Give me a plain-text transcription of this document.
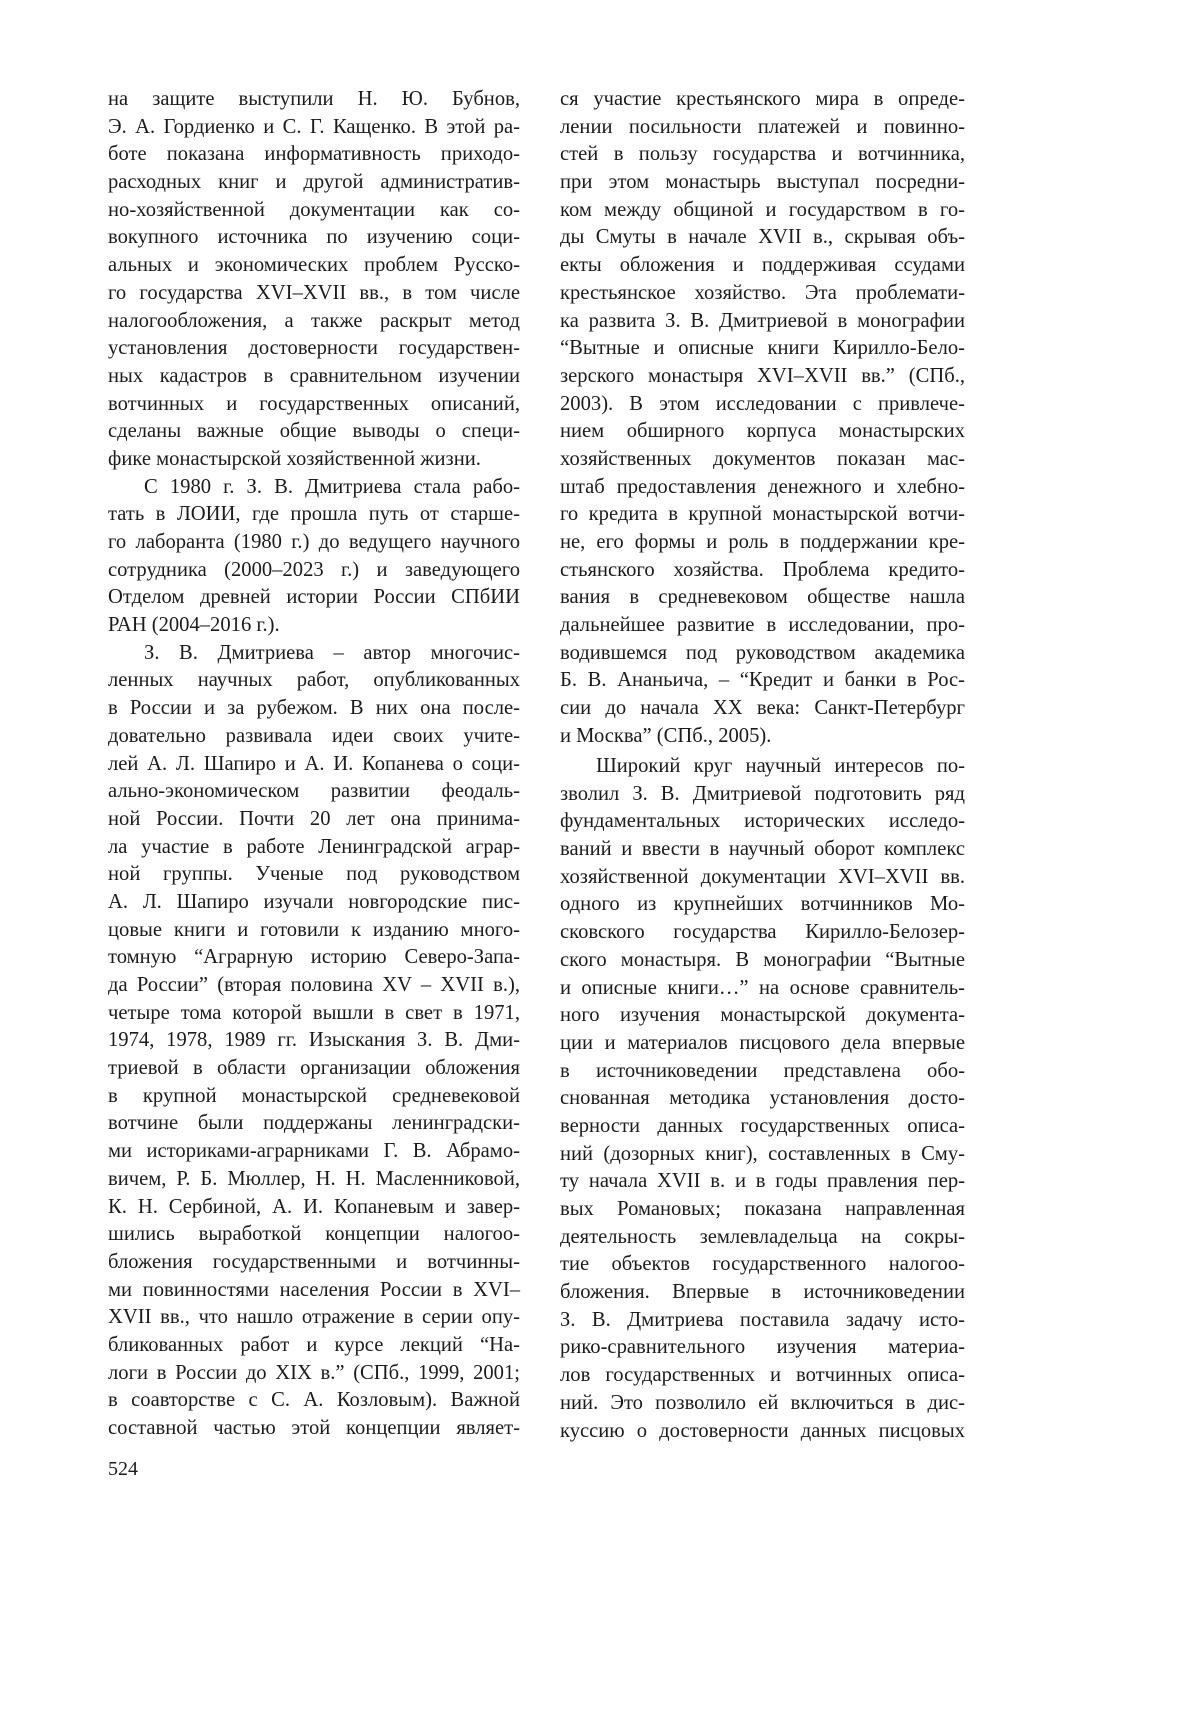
на защите выступили Н. Ю. Бубнов,
Э. А. Гордиенко и С. Г. Кащенко. В этой ра-
боте показана информативность приходо-
расходных книг и другой административ-
но-хозяйственной документации как со-
вокупного источника по изучению соци-
альных и экономических проблем Русско-
го государства XVI–XVII вв., в том числе
налогообложения, а также раскрыт метод
установления достоверности государствен-
ных кадастров в сравнительном изучении
вотчинных и государственных описаний,
сделаны важные общие выводы о специ-
фике монастырской хозяйственной жизни.
С 1980 г. З. В. Дмитриева стала рабо-
тать в ЛОИИ, где прошла путь от старше-
го лаборанта (1980 г.) до ведущего научного
сотрудника (2000–2023 г.) и заведующего
Отделом древней истории России СПбИИ
РАН (2004–2016 г.).
З. В. Дмитриева – автор многочис-
ленных научных работ, опубликованных
в России и за рубежом. В них она после-
довательно развивала идеи своих учите-
лей А. Л. Шапиро и А. И. Копанева о соци-
ально-экономическом развитии феодаль-
ной России. Почти 20 лет она принима-
ла участие в работе Ленинградской аграр-
ной группы. Ученые под руководством
А. Л. Шапиро изучали новгородские пис-
цовые книги и готовили к изданию много-
томную “Аграрную историю Северо-Запа-
да России” (вторая половина XV – XVII в.),
четыре тома которой вышли в свет в 1971,
1974, 1978, 1989 гг. Изыскания З. В. Дми-
триевой в области организации обложения
в крупной монастырской средневековой
вотчине были поддержаны ленинградски-
ми историками-аграрниками Г. В. Абрамо-
вичем, Р. Б. Мюллер, Н. Н. Масленниковой,
К. Н. Сербиной, А. И. Копаневым и завер-
шились выработкой концепции налогоо-
бложения государственными и вотчинны-
ми повинностями населения России в XVI–
XVII вв., что нашло отражение в серии опу-
бликованных работ и курсе лекций “На-
логи в России до XIX в.” (СПб., 1999, 2001;
в соавторстве с С. А. Козловым). Важной
составной частью этой концепции являет-
ся участие крестьянского мира в опреде-
лении посильности платежей и повинно-
стей в пользу государства и вотчинника,
при этом монастырь выступал посредни-
ком между общиной и государством в го-
ды Смуты в начале XVII в., скрывая объ-
екты обложения и поддерживая ссудами
крестьянское хозяйство. Эта проблемати-
ка развита З. В. Дмитриевой в монографии
“Вытные и описные книги Кирилло-Бело-
зерского монастыря XVI–XVII вв.” (СПб.,
2003). В этом исследовании с привлече-
нием обширного корпуса монастырских
хозяйственных документов показан мас-
штаб предоставления денежного и хлебно-
го кредита в крупной монастырской вотчи-
не, его формы и роль в поддержании кре-
стьянского хозяйства. Проблема кредито-
вания в средневековом обществе нашла
дальнейшее развитие в исследовании, про-
водившемся под руководством академика
Б. В. Ананьича, – “Кредит и банки в Рос-
сии до начала XX века: Санкт-Петербург
и Москва” (СПб., 2005).
Широкий круг научный интересов по-
зволил З. В. Дмитриевой подготовить ряд
фундаментальных исторических исследо-
ваний и ввести в научный оборот комплекс
хозяйственной документации XVI–XVII вв.
одного из крупнейших вотчинников Мо-
сковского государства Кирилло-Белозер-
ского монастыря. В монографии “Вытные
и описные книги…” на основе сравнитель-
ного изучения монастырской документа-
ции и материалов писцового дела впервые
в источниковедении представлена обо-
снованная методика установления досто-
верности данных государственных описа-
ний (дозорных книг), составленных в Сму-
ту начала XVII в. и в годы правления пер-
вых Романовых; показана направленная
деятельность землевладельца на сокры-
тие объектов государственного налогоо-
бложения. Впервые в источниковедении
З. В. Дмитриева поставила задачу исто-
рико-сравнительного изучения материа-
лов государственных и вотчинных описа-
ний. Это позволило ей включиться в дис-
куссию о достоверности данных писцовых
524
